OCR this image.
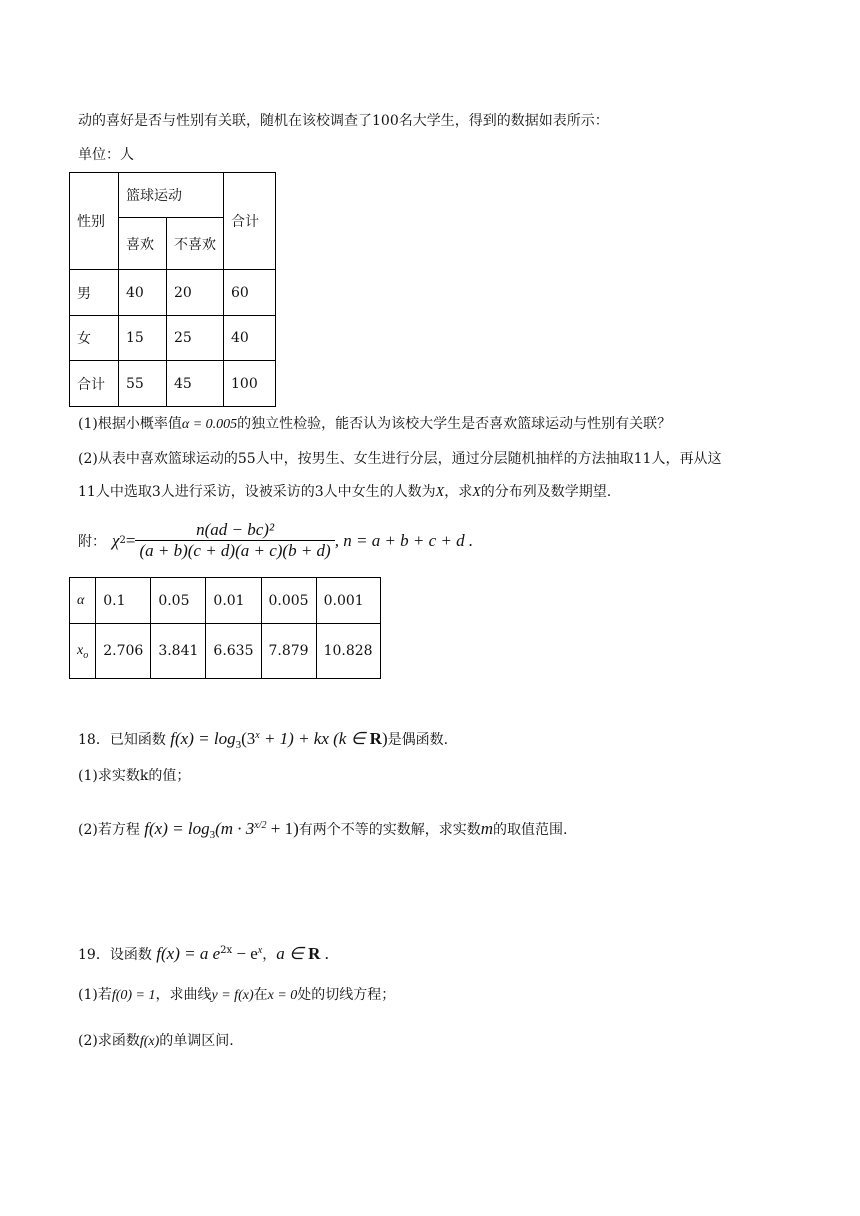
动的喜好是否与性别有关联，随机在该校调查了100名大学生，得到的数据如表所示：
单位：人
性别	篮球运动		合计
	喜欢	不喜欢	
男	40	20	60
女	15	25	40
合计	55	45	100
(1)根据小概率值α = 0.005的独立性检验，能否认为该校大学生是否喜欢篮球运动与性别有关联？
(2)从表中喜欢篮球运动的55人中，按男生、女生进行分层，通过分层随机抽样的方法抽取11人，再从这
11人中选取3人进行采访，设被采访的3人中女生的人数为X，求X的分布列及数学期望.
附： χ $2 = \frac{\text{n(ad − bc)²}}{(a + b)(c + d)(a + c)(b + d)}$ , n = a + b + c + d .
α	0.1	0.05	0.01	0.005	0.001
$x_o$	2.706	3.841	6.635	7.879	10.828
18．已知函数 $f(x) = \log_3(3^x + 1)$ + kx (k ∈ R)是偶函数.
(1)求实数k的值；
(2)若方程 $f(x) = \log_3(m \cdot 3^{x/2} + 1)$有两个不等的实数解，求实数m的取值范围.
19．设函数 f(x) = a $e^{2x} - e^x$，a ∈ R .
(1)若f(0) = 1，求曲线y = f(x)在x = 0处的切线方程；
(2)求函数f(x)的单调区间.
